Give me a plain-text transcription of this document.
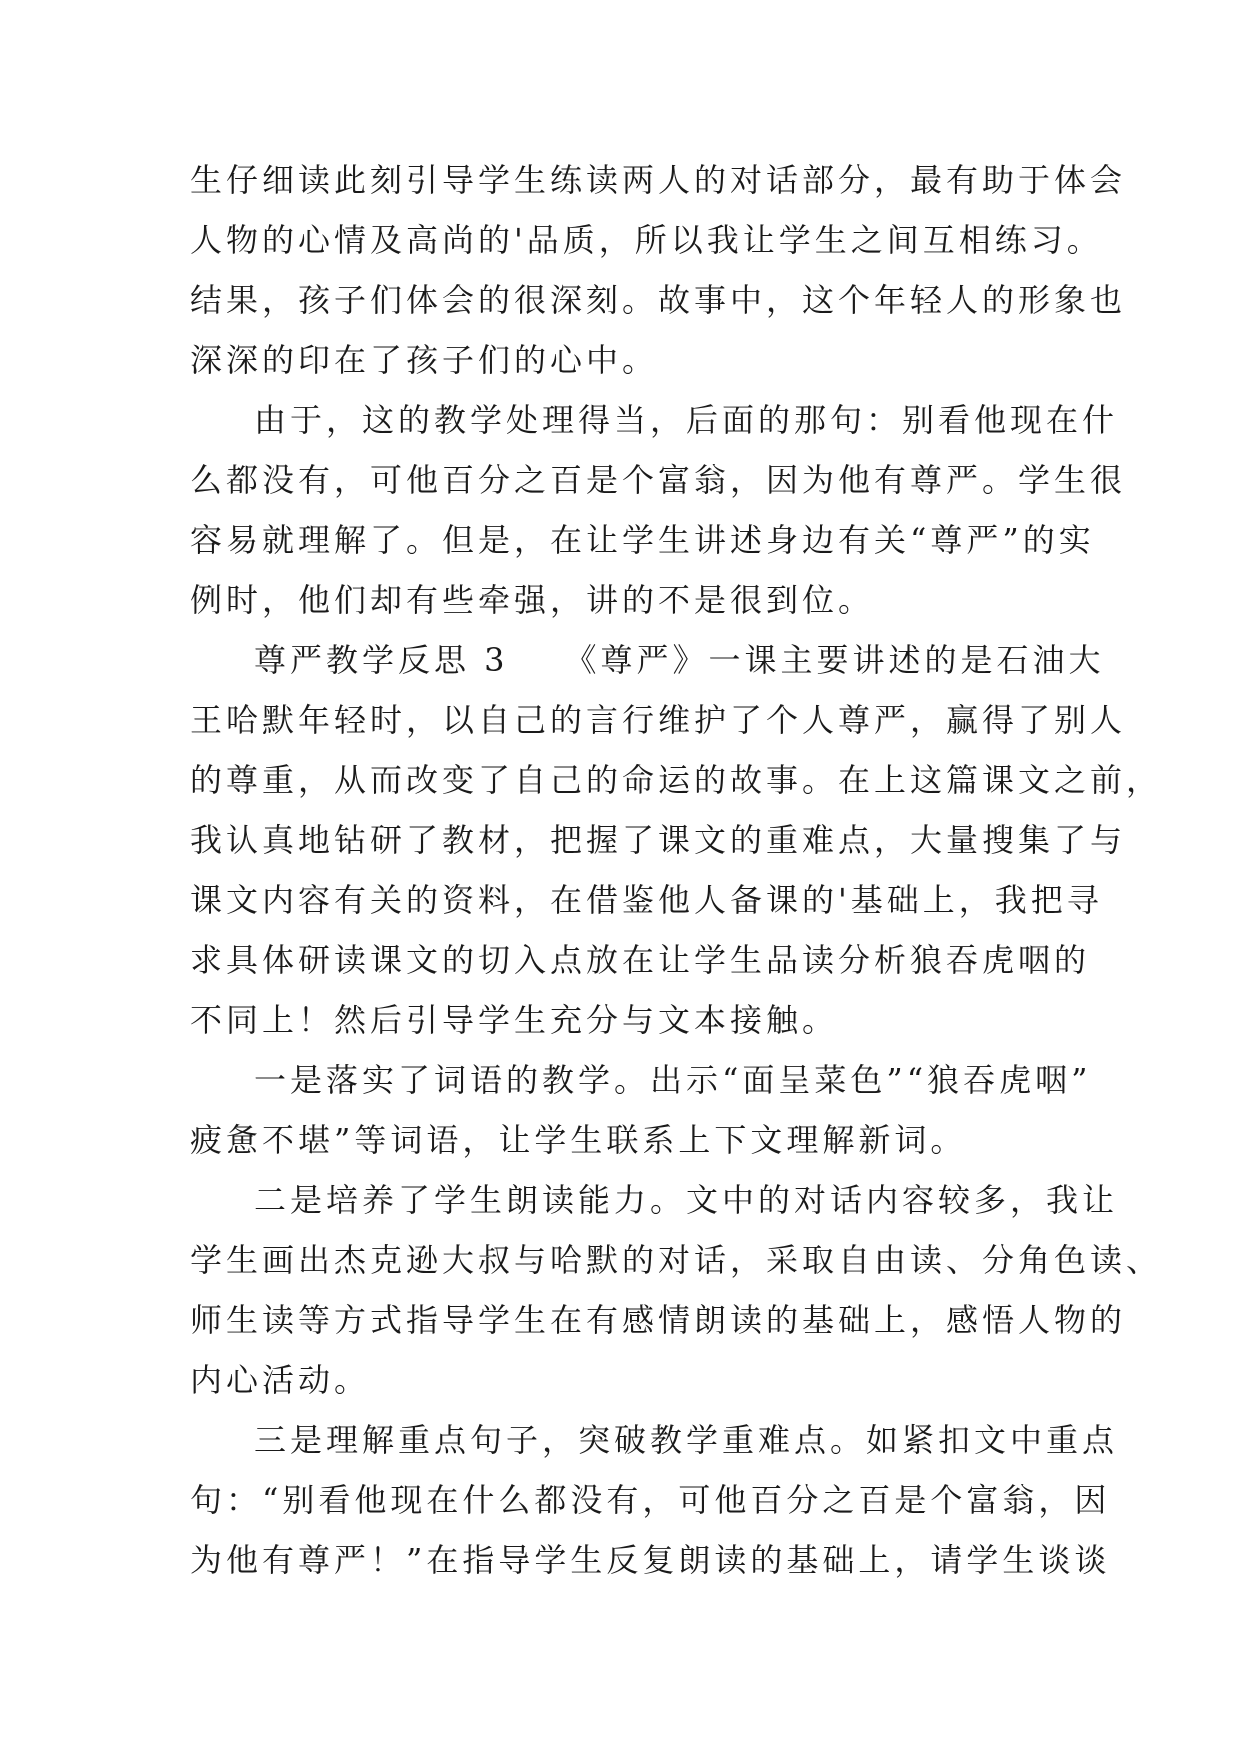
生仔细读此刻引导学生练读两人的对话部分，最有助于体会
人物的心情及高尚的'品质，所以我让学生之间互相练习。
结果，孩子们体会的很深刻。故事中，这个年轻人的形象也
深深的印在了孩子们的心中。
由于，这的教学处理得当，后面的那句：别看他现在什
么都没有，可他百分之百是个富翁，因为他有尊严。学生很
容易就理解了。但是，在让学生讲述身边有关“尊严”的实
例时，他们却有些牵强，讲的不是很到位。
尊严教学反思 3　　《尊严》一课主要讲述的是石油大
王哈默年轻时，以自己的言行维护了个人尊严，赢得了别人
的尊重，从而改变了自己的命运的故事。在上这篇课文之前，
我认真地钻研了教材，把握了课文的重难点，大量搜集了与
课文内容有关的资料，在借鉴他人备课的'基础上，我把寻
求具体研读课文的切入点放在让学生品读分析狼吞虎咽的
不同上！然后引导学生充分与文本接触。
一是落实了词语的教学。出示“面呈菜色”“狼吞虎咽”
疲惫不堪”等词语，让学生联系上下文理解新词。
二是培养了学生朗读能力。文中的对话内容较多，我让
学生画出杰克逊大叔与哈默的对话，采取自由读、分角色读、
师生读等方式指导学生在有感情朗读的基础上，感悟人物的
内心活动。
三是理解重点句子，突破教学重难点。如紧扣文中重点
句：“别看他现在什么都没有，可他百分之百是个富翁，因
为他有尊严！”在指导学生反复朗读的基础上，请学生谈谈
